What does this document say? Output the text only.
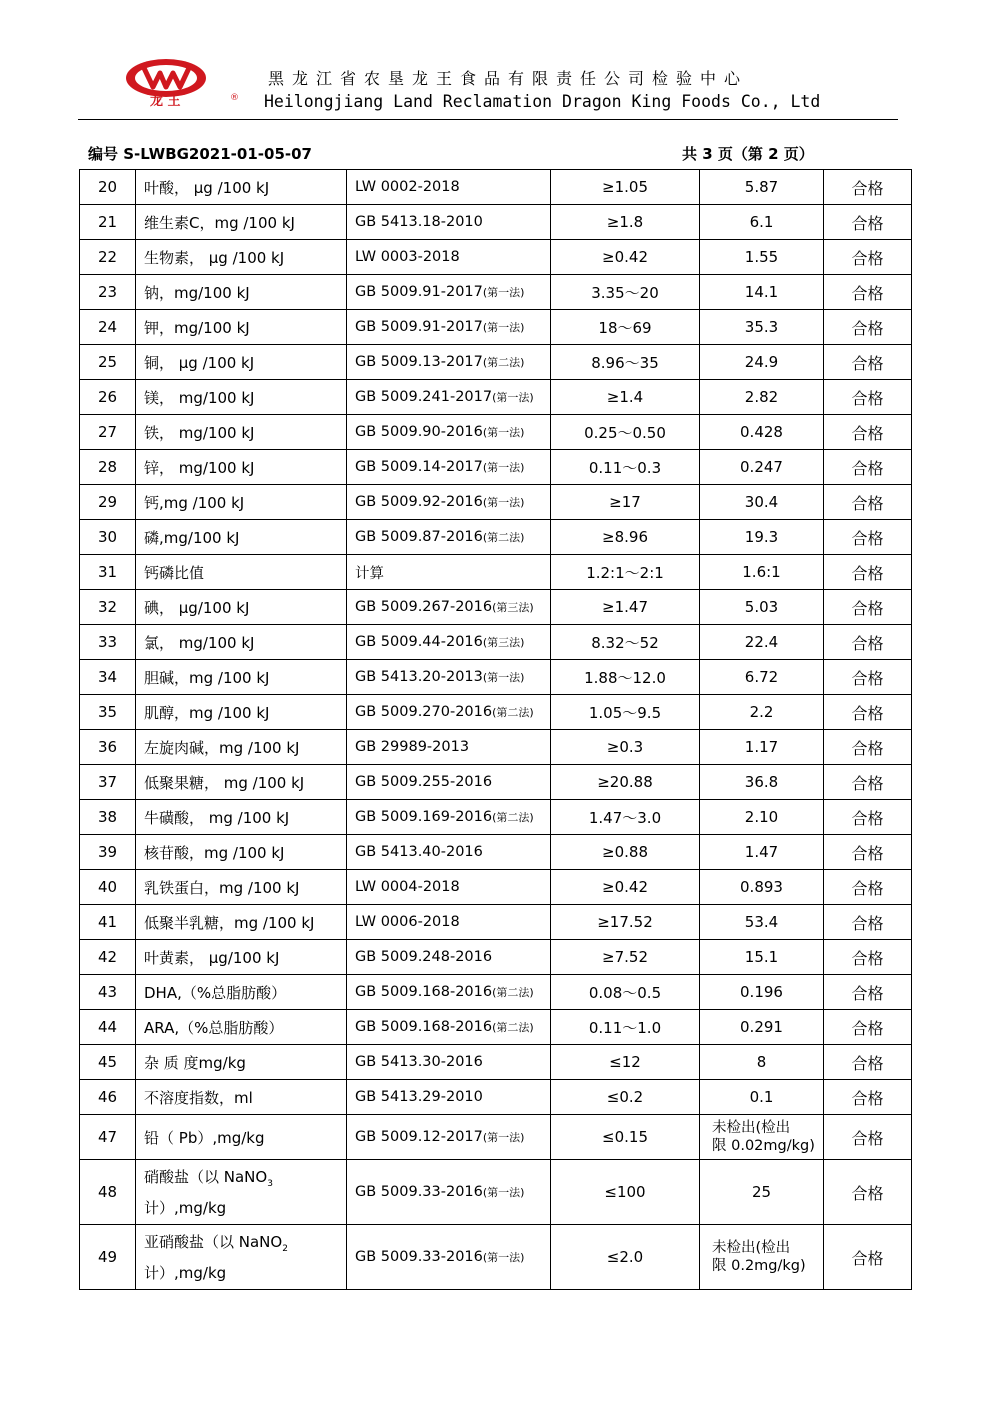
龙 王	®
黑龙江省农垦龙王食品有限责任公司检验中心
Heilongjiang Land Reclamation Dragon King Foods Co., Ltd
编号 S-LWBG2021-01-05-07	共 3 页（第 2 页）
20	叶酸， μg /100 kJ	LW 0002-2018	≥1.05	5.87	合格
21	维生素C，mg /100 kJ	GB 5413.18-2010	≥1.8	6.1	合格
22	生物素， μg /100 kJ	LW 0003-2018	≥0.42	1.55	合格
23	钠，mg/100 kJ	GB 5009.91-2017(第一法)	3.35～20	14.1	合格
24	钾，mg/100 kJ	GB 5009.91-2017(第一法)	18～69	35.3	合格
25	铜， μg /100 kJ	GB 5009.13-2017(第二法)	8.96～35	24.9	合格
26	镁， mg/100 kJ	GB 5009.241-2017(第一法)	≥1.4	2.82	合格
27	铁， mg/100 kJ	GB 5009.90-2016(第一法)	0.25～0.50	0.428	合格
28	锌， mg/100 kJ	GB 5009.14-2017(第一法)	0.11～0.3	0.247	合格
29	钙,mg /100 kJ	GB 5009.92-2016(第一法)	≥17	30.4	合格
30	磷,mg/100 kJ	GB 5009.87-2016(第二法)	≥8.96	19.3	合格
31	钙磷比值	计算	1.2:1～2:1	1.6:1	合格
32	碘， μg/100 kJ	GB 5009.267-2016(第三法)	≥1.47	5.03	合格
33	氯， mg/100 kJ	GB 5009.44-2016(第三法)	8.32～52	22.4	合格
34	胆碱，mg /100 kJ	GB 5413.20-2013(第一法)	1.88～12.0	6.72	合格
35	肌醇，mg /100 kJ	GB 5009.270-2016(第二法)	1.05～9.5	2.2	合格
36	左旋肉碱，mg /100 kJ	GB 29989-2013	≥0.3	1.17	合格
37	低聚果糖， mg /100 kJ	GB 5009.255-2016	≥20.88	36.8	合格
38	牛磺酸， mg /100 kJ	GB 5009.169-2016(第二法)	1.47～3.0	2.10	合格
39	核苷酸，mg /100 kJ	GB 5413.40-2016	≥0.88	1.47	合格
40	乳铁蛋白，mg /100 kJ	LW 0004-2018	≥0.42	0.893	合格
41	低聚半乳糖，mg /100 kJ	LW 0006-2018	≥17.52	53.4	合格
42	叶黄素， μg/100 kJ	GB 5009.248-2016	≥7.52	15.1	合格
43	DHA,（%总脂肪酸）	GB 5009.168-2016(第二法)	0.08～0.5	0.196	合格
44	ARA,（%总脂肪酸）	GB 5009.168-2016(第二法)	0.11～1.0	0.291	合格
45	杂 质 度mg/kg	GB 5413.30-2016	≤12	8	合格
46	不溶度指数，ml	GB 5413.29-2010	≤0.2	0.1	合格
47	铅（ Pb）,mg/kg	GB 5009.12-2017(第一法)	≤0.15	未检出(检出
限 0.02mg/kg)	合格
48	硝酸盐（以 NaNO$_3$
计）,mg/kg	GB 5009.33-2016(第一法)	≤100	25	合格
49	亚硝酸盐（以 NaNO$_2$
计）,mg/kg	GB 5009.33-2016(第一法)	≤2.0	未检出(检出
限 0.2mg/kg)	合格
